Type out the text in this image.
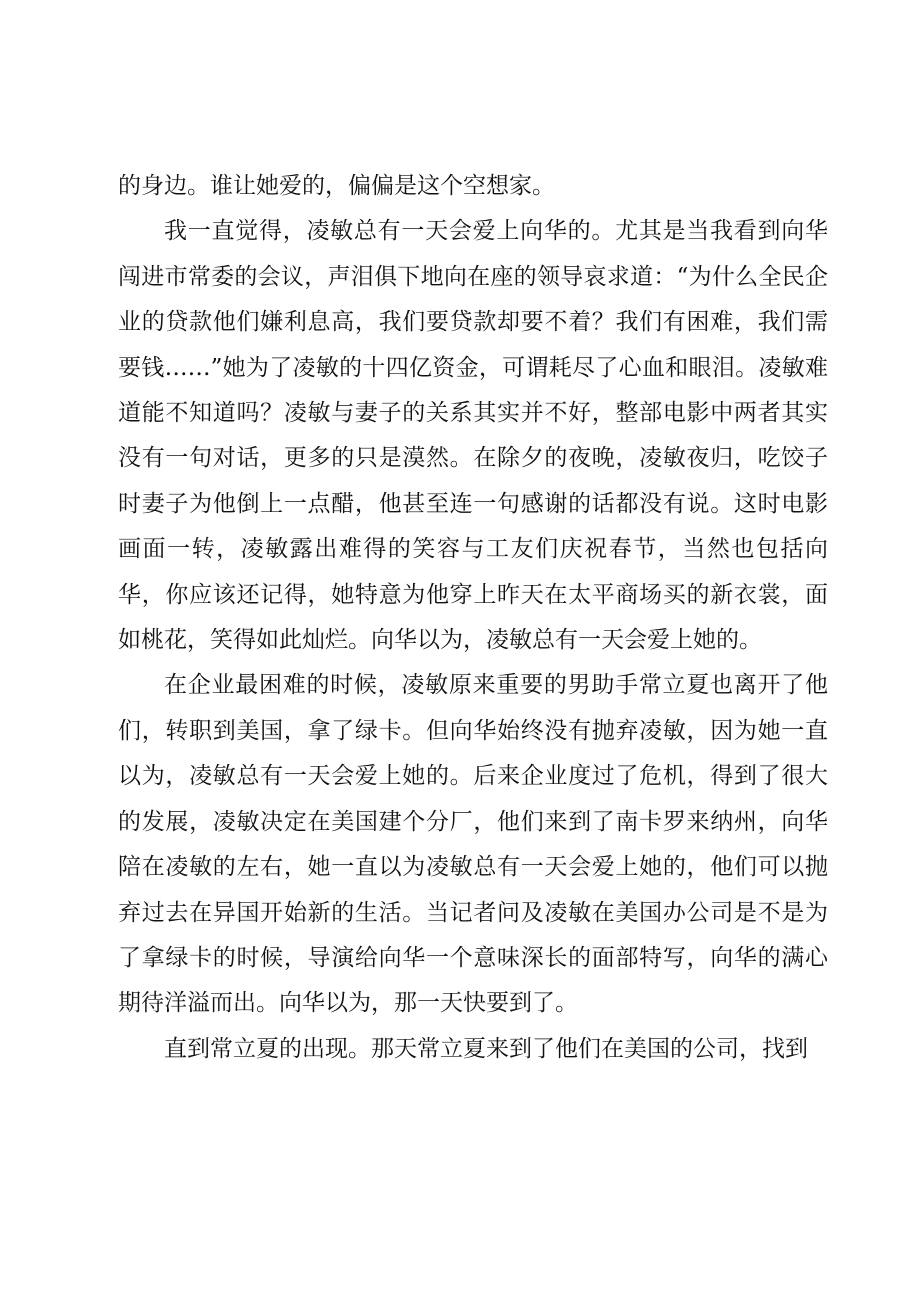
的身边。谁让她爱的，偏偏是这个空想家。

我一直觉得，凌敏总有一天会爱上向华的。尤其是当我看到向华闯进市常委的会议，声泪俱下地向在座的领导哀求道：“为什么全民企业的贷款他们嫌利息高，我们要贷款却要不着？我们有困难，我们需要钱……”她为了凌敏的十四亿资金，可谓耗尽了心血和眼泪。凌敏难道能不知道吗？凌敏与妻子的关系其实并不好，整部电影中两者其实没有一句对话，更多的只是漠然。在除夕的夜晚，凌敏夜归，吃饺子时妻子为他倒上一点醋，他甚至连一句感谢的话都没有说。这时电影画面一转，凌敏露出难得的笑容与工友们庆祝春节，当然也包括向华，你应该还记得，她特意为他穿上昨天在太平商场买的新衣裳，面如桃花，笑得如此灿烂。向华以为，凌敏总有一天会爱上她的。

在企业最困难的时候，凌敏原来重要的男助手常立夏也离开了他们，转职到美国，拿了绿卡。但向华始终没有抛弃凌敏，因为她一直以为，凌敏总有一天会爱上她的。后来企业度过了危机，得到了很大的发展，凌敏决定在美国建个分厂，他们来到了南卡罗来纳州，向华陪在凌敏的左右，她一直以为凌敏总有一天会爱上她的，他们可以抛弃过去在异国开始新的生活。当记者问及凌敏在美国办公司是不是为了拿绿卡的时候，导演给向华一个意味深长的面部特写，向华的满心期待洋溢而出。向华以为，那一天快要到了。

直到常立夏的出现。那天常立夏来到了他们在美国的公司，找到
